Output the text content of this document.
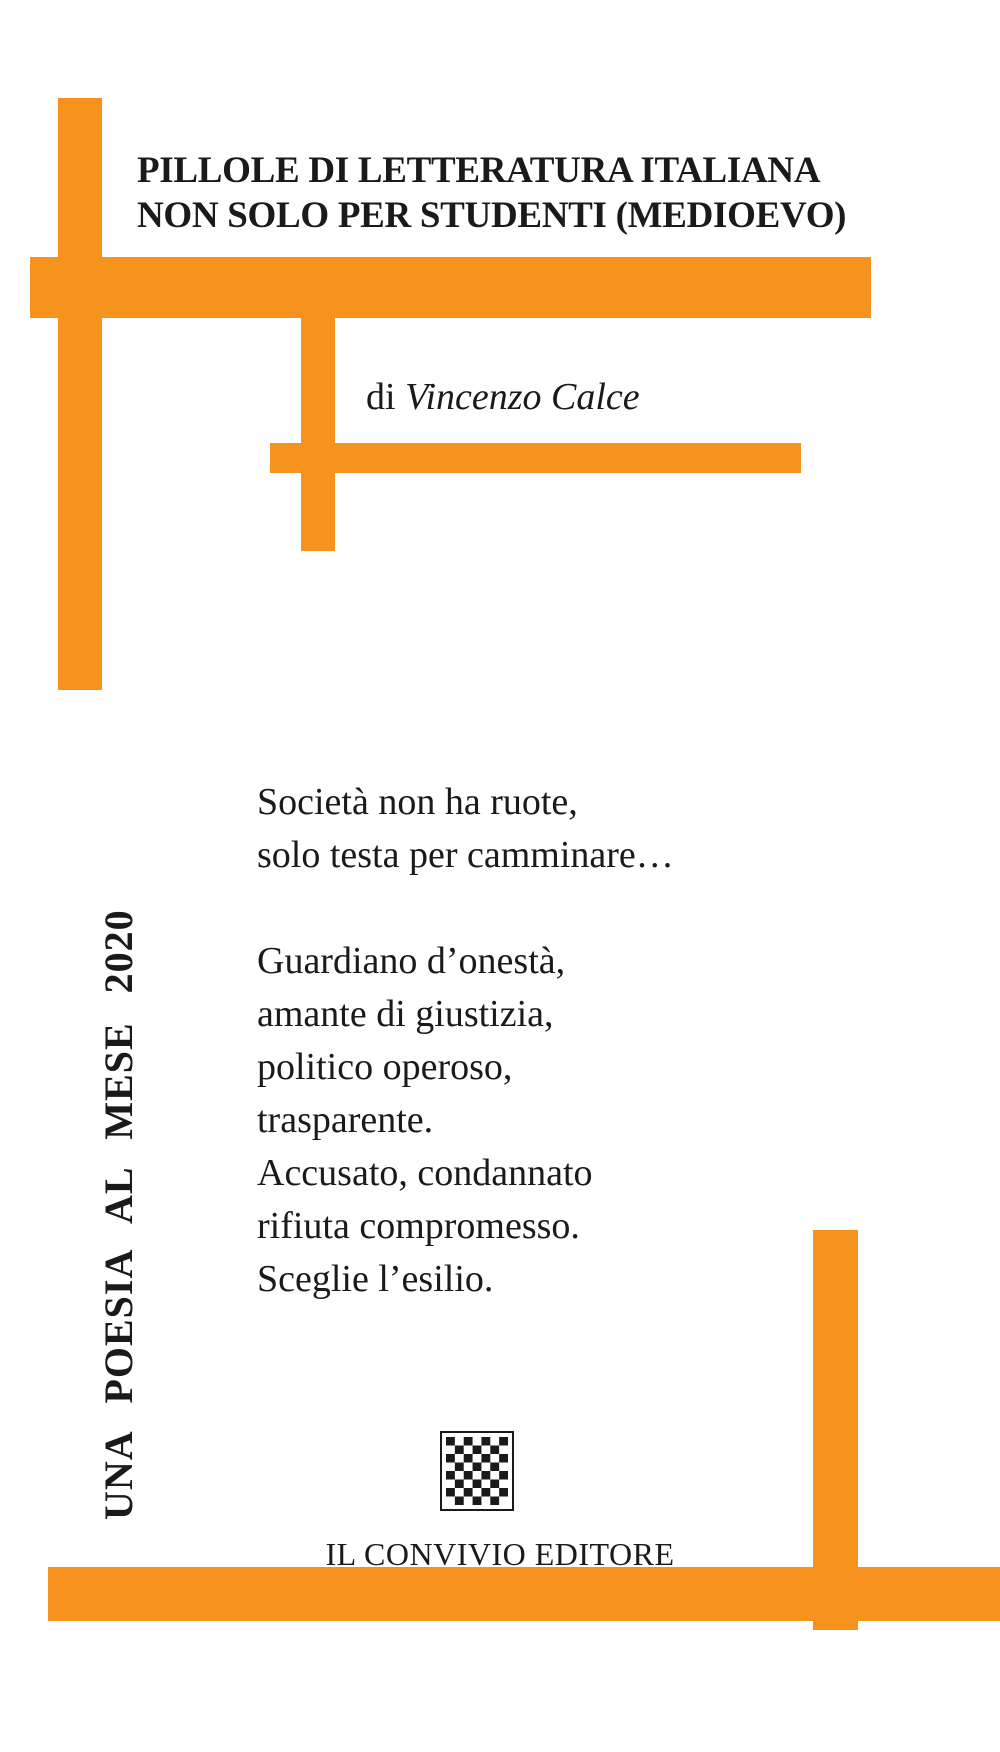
PILLOLE DI LETTERATURA ITALIANA
NON SOLO PER STUDENTI (MEDIOEVO)
di Vincenzo Calce
UNA POESIA AL MESE 2020
Società non ha ruote,
solo testa per camminare…
Guardiano d’onestà,
amante di giustizia,
politico operoso,
trasparente.
Accusato, condannato
rifiuta compromesso.
Sceglie l’esilio.
IL CONVIVIO EDITORE
